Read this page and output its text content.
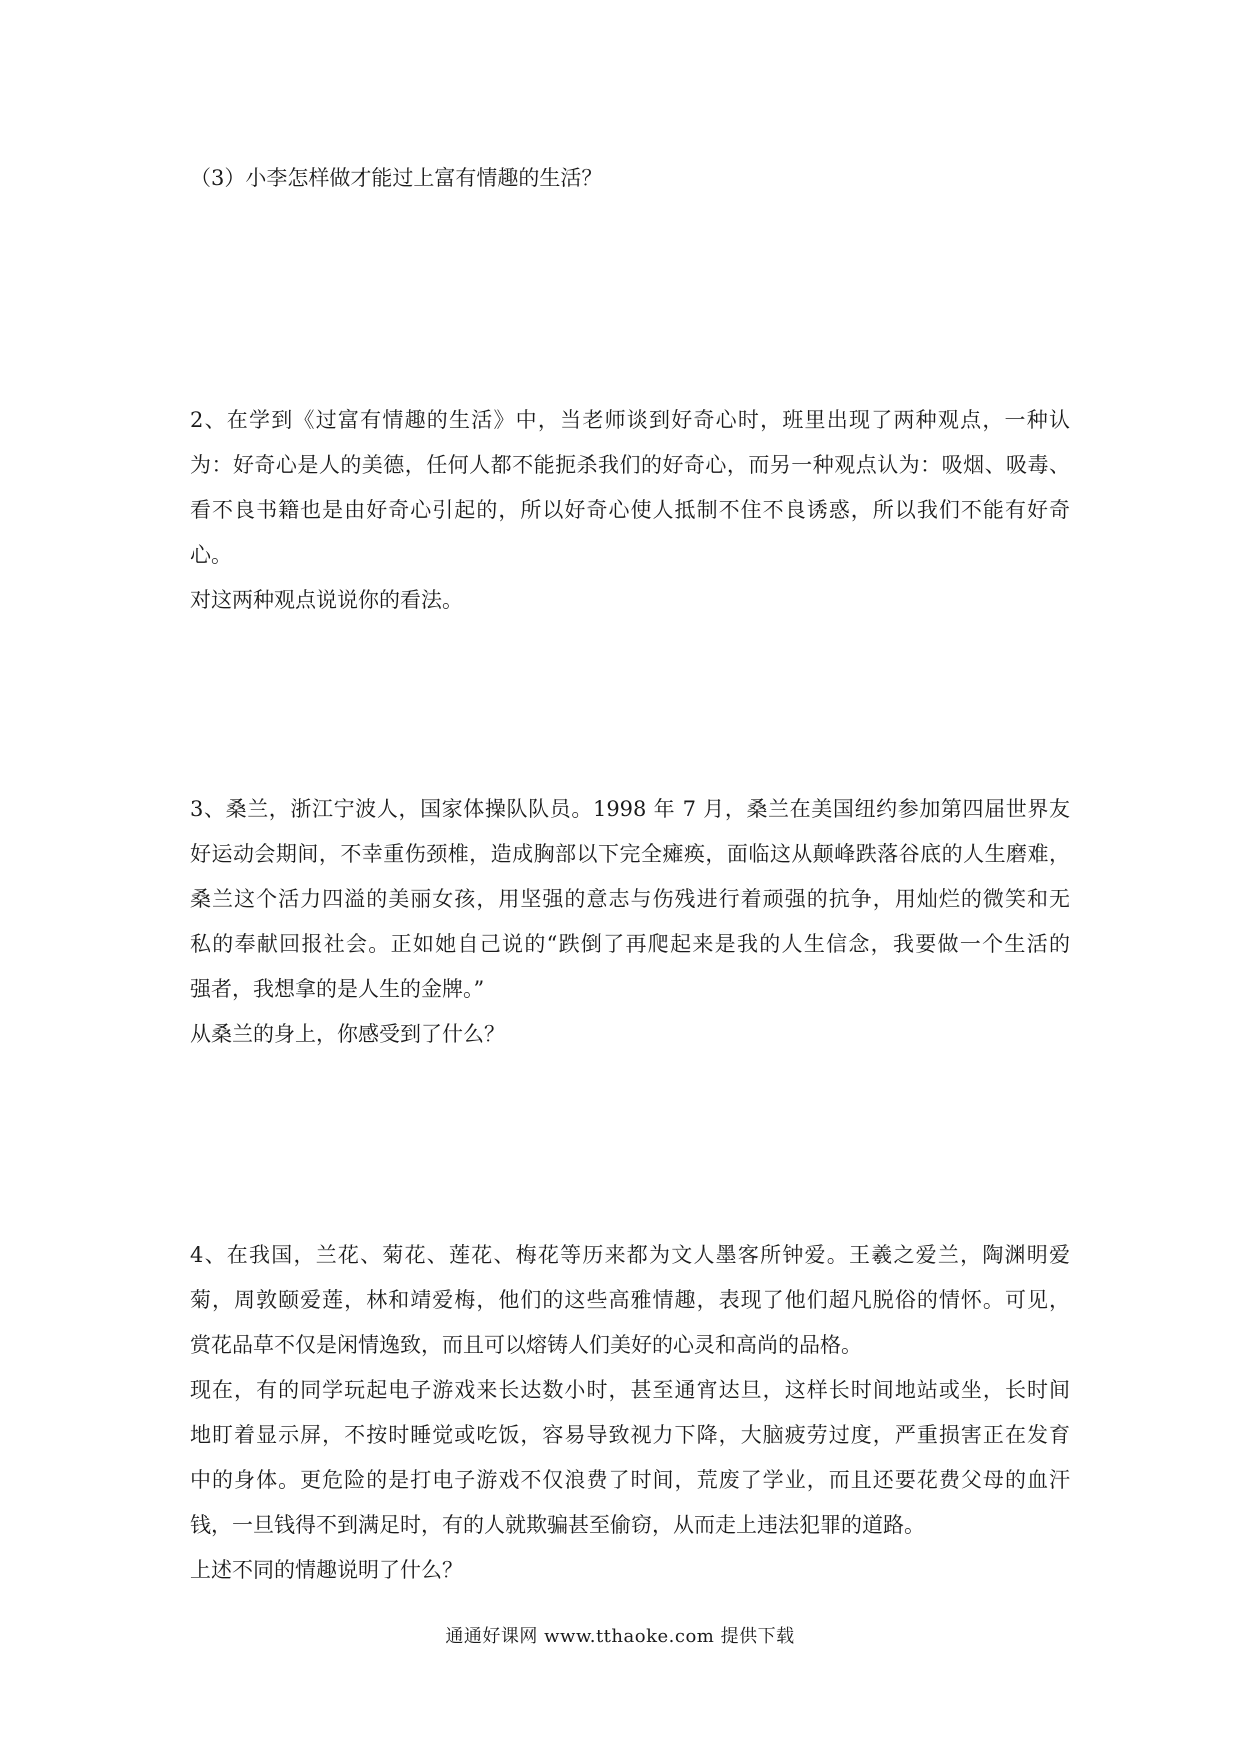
（3）小李怎样做才能过上富有情趣的生活？
2、在学到《过富有情趣的生活》中，当老师谈到好奇心时，班里出现了两种观点，一种认
为：好奇心是人的美德，任何人都不能扼杀我们的好奇心，而另一种观点认为：吸烟、吸毒、
看不良书籍也是由好奇心引起的，所以好奇心使人抵制不住不良诱惑，所以我们不能有好奇
心。
对这两种观点说说你的看法。
3、桑兰，浙江宁波人，国家体操队队员。1998 年 7 月，桑兰在美国纽约参加第四届世界友
好运动会期间，不幸重伤颈椎，造成胸部以下完全瘫痪，面临这从颠峰跌落谷底的人生磨难，
桑兰这个活力四溢的美丽女孩，用坚强的意志与伤残进行着顽强的抗争，用灿烂的微笑和无
私的奉献回报社会。正如她自己说的“跌倒了再爬起来是我的人生信念，我要做一个生活的
强者，我想拿的是人生的金牌。”
从桑兰的身上，你感受到了什么？
4、在我国，兰花、菊花、莲花、梅花等历来都为文人墨客所钟爱。王羲之爱兰，陶渊明爱
菊，周敦颐爱莲，林和靖爱梅，他们的这些高雅情趣，表现了他们超凡脱俗的情怀。可见，
赏花品草不仅是闲情逸致，而且可以熔铸人们美好的心灵和高尚的品格。
现在，有的同学玩起电子游戏来长达数小时，甚至通宵达旦，这样长时间地站或坐，长时间
地盯着显示屏，不按时睡觉或吃饭，容易导致视力下降，大脑疲劳过度，严重损害正在发育
中的身体。更危险的是打电子游戏不仅浪费了时间，荒废了学业，而且还要花费父母的血汗
钱，一旦钱得不到满足时，有的人就欺骗甚至偷窃，从而走上违法犯罪的道路。
上述不同的情趣说明了什么？
通通好课网 www.tthaoke.com 提供下载
